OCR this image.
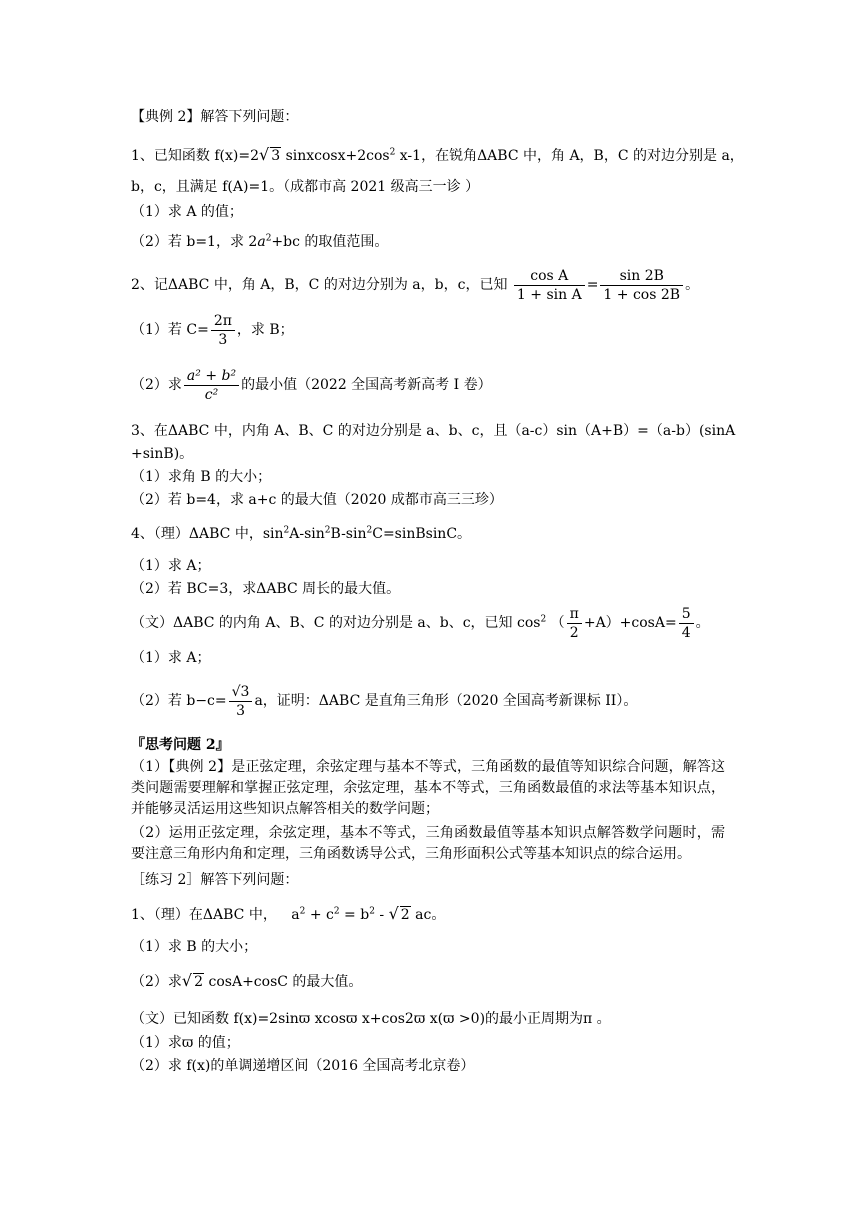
【典例 2】解答下列问题：
1、已知函数 f(x)=2√ 3 $sinxcosx+2\cos^2$ x-1，在锐角ΔABC 中，角 A，B，C 的对边分别是 a，
b，c，且满足 f(A)=1。（成都市高 2021 级高三一诊 ）
（1）求 A 的值；
（2）若 b=1，求 $2a^2+bc$ 的取值范围。
2、记ΔABC 中，角 A，B，C 的对边分别为 a，b，c，已知 $\frac{\text{cos A}}{\text{1 + sin A}} = \frac{\sin 2B}{1 + \cos 2B}$ 。
（1）若 $C= \frac{2\pi}{3}$ ，求 B；
（2）求 $\frac{\text{a² + b²}}{\text{c²}}$ 的最小值（2022 全国高考新高考 I 卷）
3、在ΔABC 中，内角 A、B、C 的对边分别是 a、b、c，且（a-c）sin（A+B）=（a-b）(sinA
+sinB)。
（1）求角 B 的大小；
（2）若 b=4，求 a+c 的最大值（2020 成都市高三三珍）
4、（理）ΔABC 中，$\sin^2A-\sin^2B-\sin^2C=sinBsinC$。
（1）求 A；
（2）若 BC=3，求ΔABC 周长的最大值。
（文）ΔABC 的内角 A、B、C 的对边分别是 a、b、c，已知 $\cos^2$ （ $\frac{\pi}{2} +A)+\cos A= \frac{5}{4}$ 。
（1）求 A；
（2）若 $b-c= \frac{√3}{3}$ a，证明：ΔABC 是直角三角形（2020 全国高考新课标 II）。
『思考问题 2』
（1）【典例 2】是正弦定理，余弦定理与基本不等式，三角函数的最值等知识综合问题，解答这类问题需要理解和掌握正弦定理，余弦定理，基本不等式，三角函数最值的求法等基本知识点，并能够灵活运用这些知识点解答相关的数学问题；
（2）运用正弦定理，余弦定理，基本不等式，三角函数最值等基本知识点解答数学问题时，需要注意三角形内角和定理，三角函数诱导公式，三角形面积公式等基本知识点的综合运用。
［练习 2］解答下列问题：
1、（理）在ΔABC 中， $a^2 + c^2 = b^2$ - √ 2 ac。
（1）求 B 的大小；
（2）求√ 2 cosA+cosC 的最大值。
（文）已知函数 f(x)=2sinϖ xcosϖ x+cos2ϖ x(ϖ >0)的最小正周期为π 。
（1）求ϖ 的值；
（2）求 f(x)的单调递增区间（2016 全国高考北京卷）
